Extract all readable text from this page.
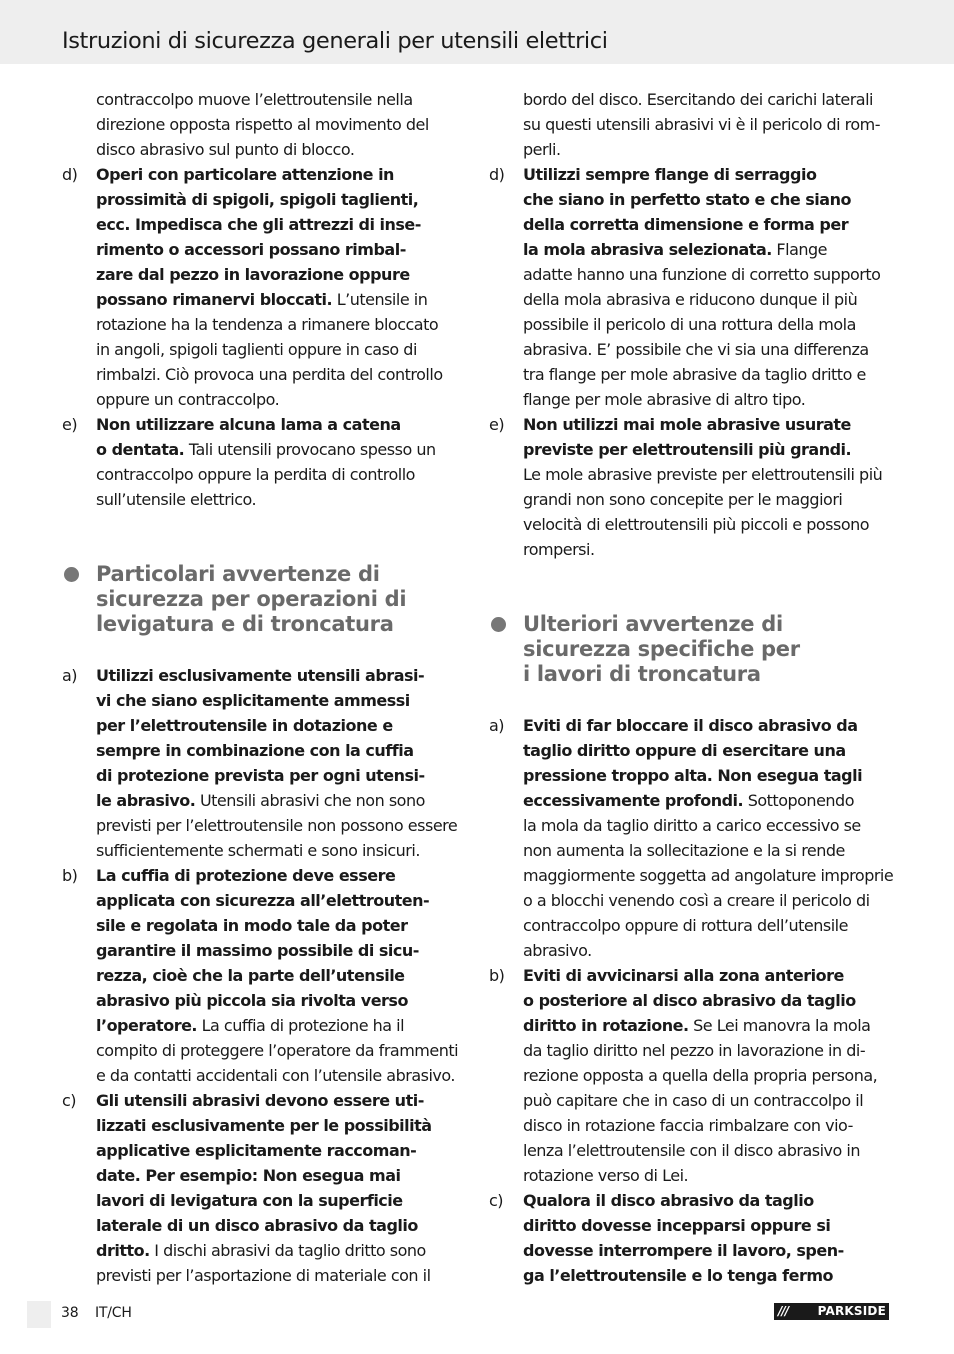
Istruzioni di sicurezza generali per utensili elettrici
contraccolpo muove l’elettroutensile nella
direzione opposta rispetto al movimento del
disco abrasivo sul punto di blocco.
d) Operi con particolare attenzione in
prossimità di spigoli, spigoli taglienti,
ecc. Impedisca che gli attrezzi di inse-
rimento o accessori possano rimbal-
zare dal pezzo in lavorazione oppure
possano rimanervi bloccati. L’utensile in
rotazione ha la tendenza a rimanere bloccato
in angoli, spigoli taglienti oppure in caso di
rimbalzi. Ciò provoca una perdita del controllo
oppure un contraccolpo.
e) Non utilizzare alcuna lama a catena
o dentata. Tali utensili provocano spesso un
contraccolpo oppure la perdita di controllo
sull’utensile elettrico.
Particolari avvertenze di
sicurezza per operazioni di
levigatura e di troncatura
a) Utilizzi esclusivamente utensili abrasi-
vi che siano esplicitamente ammessi
per l’elettroutensile in dotazione e
sempre in combinazione con la cuffia
di protezione prevista per ogni utensi-
le abrasivo. Utensili abrasivi che non sono
previsti per l’elettroutensile non possono essere
sufficientemente schermati e sono insicuri.
b) La cuffia di protezione deve essere
applicata con sicurezza all’elettrouten-
sile e regolata in modo tale da poter
garantire il massimo possibile di sicu-
rezza, cioè che la parte dell’utensile
abrasivo più piccola sia rivolta verso
l’operatore. La cuffia di protezione ha il
compito di proteggere l’operatore da frammenti
e da contatti accidentali con l’utensile abrasivo.
c) Gli utensili abrasivi devono essere uti-
lizzati esclusivamente per le possibilità
applicative esplicitamente raccoman-
date. Per esempio: Non esegua mai
lavori di levigatura con la superficie
laterale di un disco abrasivo da taglio
dritto. I dischi abrasivi da taglio dritto sono
previsti per l’asportazione di materiale con il
bordo del disco. Esercitando dei carichi laterali
su questi utensili abrasivi vi è il pericolo di rom-
perli.
d) Utilizzi sempre flange di serraggio
che siano in perfetto stato e che siano
della corretta dimensione e forma per
la mola abrasiva selezionata. Flange
adatte hanno una funzione di corretto supporto
della mola abrasiva e riducono dunque il più
possibile il pericolo di una rottura della mola
abrasiva. E’ possibile che vi sia una differenza
tra flange per mole abrasive da taglio dritto e
flange per mole abrasive di altro tipo.
e) Non utilizzi mai mole abrasive usurate
previste per elettroutensili più grandi.
Le mole abrasive previste per elettroutensili più
grandi non sono concepite per le maggiori
velocità di elettroutensili più piccoli e possono
rompersi.
Ulteriori avvertenze di
sicurezza specifiche per
i lavori di troncatura
a) Eviti di far bloccare il disco abrasivo da
taglio diritto oppure di esercitare una
pressione troppo alta. Non esegua tagli
eccessivamente profondi. Sottoponendo
la mola da taglio diritto a carico eccessivo se
non aumenta la sollecitazione e la si rende
maggiormente soggetta ad angolature improprie
o a blocchi venendo così a creare il pericolo di
contraccolpo oppure di rottura dell’utensile
abrasivo.
b) Eviti di avvicinarsi alla zona anteriore
o posteriore al disco abrasivo da taglio
diritto in rotazione. Se Lei manovra la mola
da taglio diritto nel pezzo in lavorazione in di-
rezione opposta a quella della propria persona,
può capitare che in caso di un contraccolpo il
disco in rotazione faccia rimbalzare con vio-
lenza l’elettroutensile con il disco abrasivo in
rotazione verso di Lei.
c) Qualora il disco abrasivo da taglio
diritto dovesse incepparsi oppure si
dovesse interrompere il lavoro, spen-
ga l’elettroutensile e lo tenga fermo
38 IT/CH	/// PARKSIDE
